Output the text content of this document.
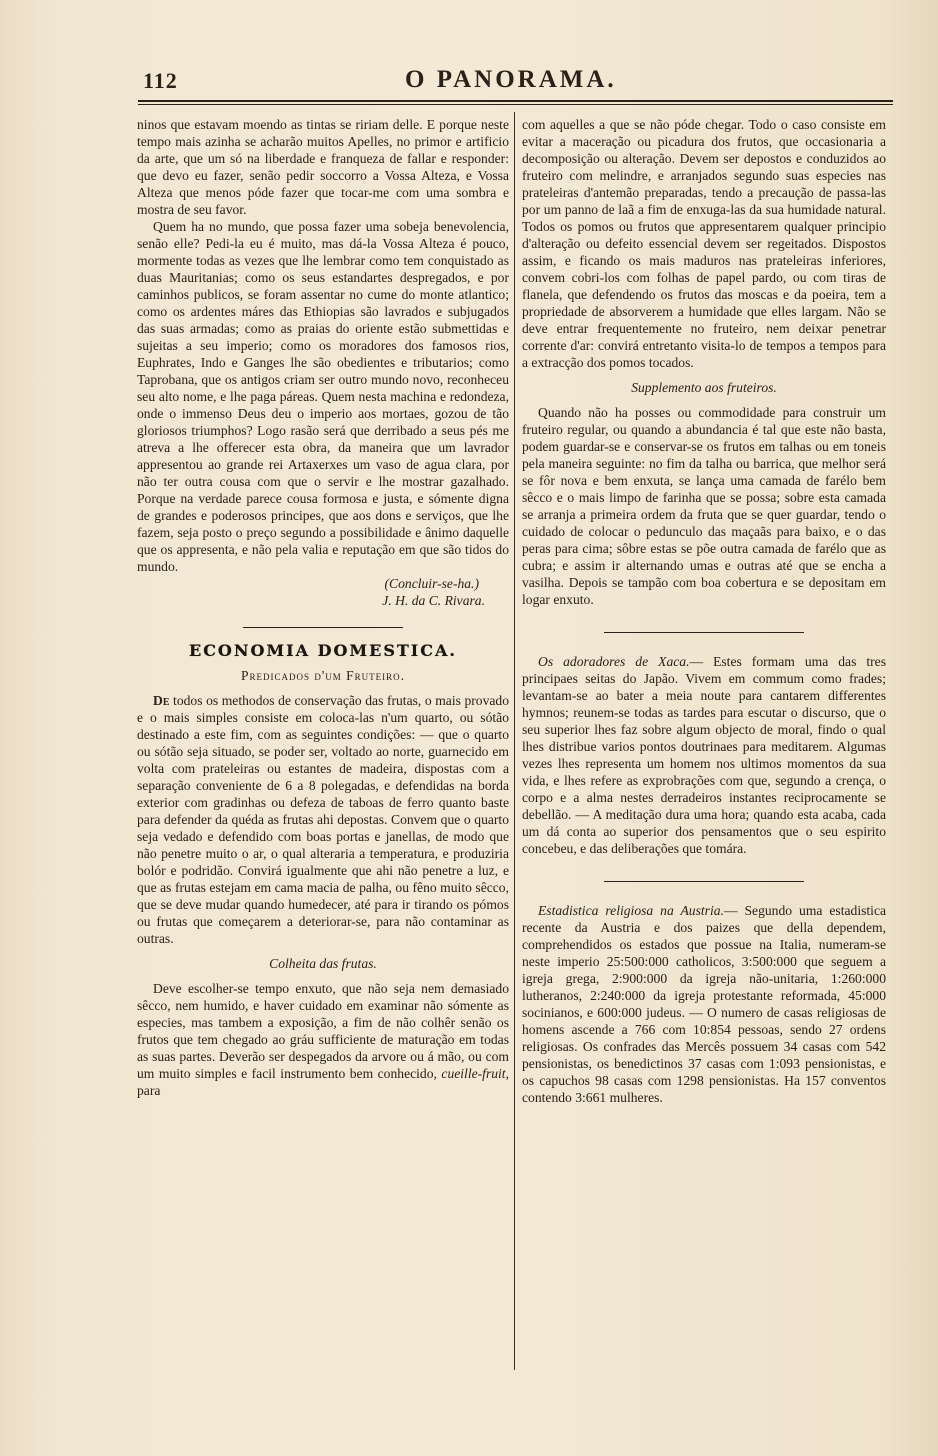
112	O PANORAMA.

ninos que estavam moendo as tintas se ririam delle. E porque neste tempo mais azinha se acharão muitos Apelles, no primor e artificio da arte, que um só na liberdade e franqueza de fallar e responder: que devo eu fazer, senão pedir soccorro a Vossa Alteza, e Vossa Alteza que menos póde fazer que tocar-me com uma sombra e mostra de seu favor.

Quem ha no mundo, que possa fazer uma sobeja benevolencia, senão elle? Pedi-la eu é muito, mas dá-la Vossa Alteza é pouco, mormente todas as vezes que lhe lembrar como tem conquistado as duas Mauritanias; como os seus estandartes despregados, e por caminhos publicos, se foram assentar no cume do monte atlantico; como os ardentes máres das Ethiopias são lavrados e subjugados das suas armadas; como as praias do oriente estão submettidas e sujeitas a seu imperio; como os moradores dos famosos rios, Euphrates, Indo e Ganges lhe são obedientes e tributarios; como Taprobana, que os antigos criam ser outro mundo novo, reconheceu seu alto nome, e lhe paga páreas. Quem nesta machina e redondeza, onde o immenso Deus deu o imperio aos mortaes, gozou de tão gloriosos triumphos? Logo rasão será que derribado a seus pés me atreva a lhe offerecer esta obra, da maneira que um lavrador appresentou ao grande rei Artaxerxes um vaso de agua clara, por não ter outra cousa com que o servir e lhe mostrar gazalhado. Porque na verdade parece cousa formosa e justa, e sómente digna de grandes e poderosos principes, que aos dons e serviços, que lhe fazem, seja posto o preço segundo a possibilidade e ânimo daquelle que os appresenta, e não pela valia e reputação em que são tidos do mundo.

(Concluir-se-ha.)

J. H. da C. Rivara.

ECONOMIA DOMESTICA.
Predicados d'um Fruteiro.

De todos os methodos de conservação das frutas, o mais provado e o mais simples consiste em coloca-las n'um quarto, ou sótão destinado a este fim, com as seguintes condições: — que o quarto ou sótão seja situado, se poder ser, voltado ao norte, guarnecido em volta com prateleiras ou estantes de madeira, dispostas com a separação conveniente de 6 a 8 polegadas, e defendidas na borda exterior com gradinhas ou defeza de taboas de ferro quanto baste para defender da quéda as frutas ahi depostas. Convem que o quarto seja vedado e defendido com boas portas e janellas, de modo que não penetre muito o ar, o qual alteraria a temperatura, e produziria bolór e podridão. Convirá igualmente que ahi não penetre a luz, e que as frutas estejam em cama macia de palha, ou fêno muito sêcco, que se deve mudar quando humedecer, até para ir tirando os pómos ou frutas que começarem a deteriorar-se, para não contaminar as outras.

Colheita das frutas.

Deve escolher-se tempo enxuto, que não seja nem demasiado sêcco, nem humido, e haver cuidado em examinar não sómente as especies, mas tambem a exposição, a fim de não colhêr senão os frutos que tem chegado ao gráu sufficiente de maturação em todas as suas partes. Deverão ser despegados da arvore ou á mão, ou com um muito simples e facil instrumento bem conhecido, cueille-fruit, para

com aquelles a que se não póde chegar. Todo o caso consiste em evitar a maceração ou picadura dos frutos, que occasionaria a decomposição ou alteração. Devem ser depostos e conduzidos ao fruteiro com melindre, e arranjados segundo suas especies nas prateleiras d'antemão preparadas, tendo a precaução de passa-las por um panno de laã a fim de enxuga-las da sua humidade natural. Todos os pomos ou frutos que appresentarem qualquer principio d'alteração ou defeito essencial devem ser regeitados. Dispostos assim, e ficando os mais maduros nas prateleiras inferiores, convem cobri-los com folhas de papel pardo, ou com tiras de flanela, que defendendo os frutos das moscas e da poeira, tem a propriedade de absorverem a humidade que elles largam. Não se deve entrar frequentemente no fruteiro, nem deixar penetrar corrente d'ar: convirá entretanto visita-lo de tempos a tempos para a extracção dos pomos tocados.

Supplemento aos fruteiros.

Quando não ha posses ou commodidade para construir um fruteiro regular, ou quando a abundancia é tal que este não basta, podem guardar-se e conservar-se os frutos em talhas ou em toneis pela maneira seguinte: no fim da talha ou barrica, que melhor será se fôr nova e bem enxuta, se lança uma camada de farélo bem sêcco e o mais limpo de farinha que se possa; sobre esta camada se arranja a primeira ordem da fruta que se quer guardar, tendo o cuidado de colocar o pedunculo das maçaãs para baixo, e o das peras para cima; sôbre estas se põe outra camada de farélo que as cubra; e assim ir alternando umas e outras até que se encha a vasilha. Depois se tampão com boa cobertura e se depositam em logar enxuto.

Os adoradores de Xaca.— Estes formam uma das tres principaes seitas do Japão. Vivem em commum como frades; levantam-se ao bater a meia noute para cantarem differentes hymnos; reunem-se todas as tardes para escutar o discurso, que o seu superior lhes faz sobre algum objecto de moral, findo o qual lhes distribue varios pontos doutrinaes para meditarem. Algumas vezes lhes representa um homem nos ultimos momentos da sua vida, e lhes refere as exprobrações com que, segundo a crença, o corpo e a alma nestes derradeiros instantes reciprocamente se debellão. — A meditação dura uma hora; quando esta acaba, cada um dá conta ao superior dos pensamentos que o seu espirito concebeu, e das deliberações que tomára.

Estadistica religiosa na Austria.— Segundo uma estadistica recente da Austria e dos paizes que della dependem, comprehendidos os estados que possue na Italia, numeram-se neste imperio 25:500:000 catholicos, 3:500:000 que seguem a igreja grega, 2:900:000 da igreja não-unitaria, 1:260:000 lutheranos, 2:240:000 da igreja protestante reformada, 45:000 socinianos, e 600:000 judeus. — O numero de casas religiosas de homens ascende a 766 com 10:854 pessoas, sendo 27 ordens religiosas. Os confrades das Mercês possuem 34 casas com 542 pensionistas, os benedictinos 37 casas com 1:093 pensionistas, e os capuchos 98 casas com 1298 pensionistas. Ha 157 conventos contendo 3:661 mulheres.
